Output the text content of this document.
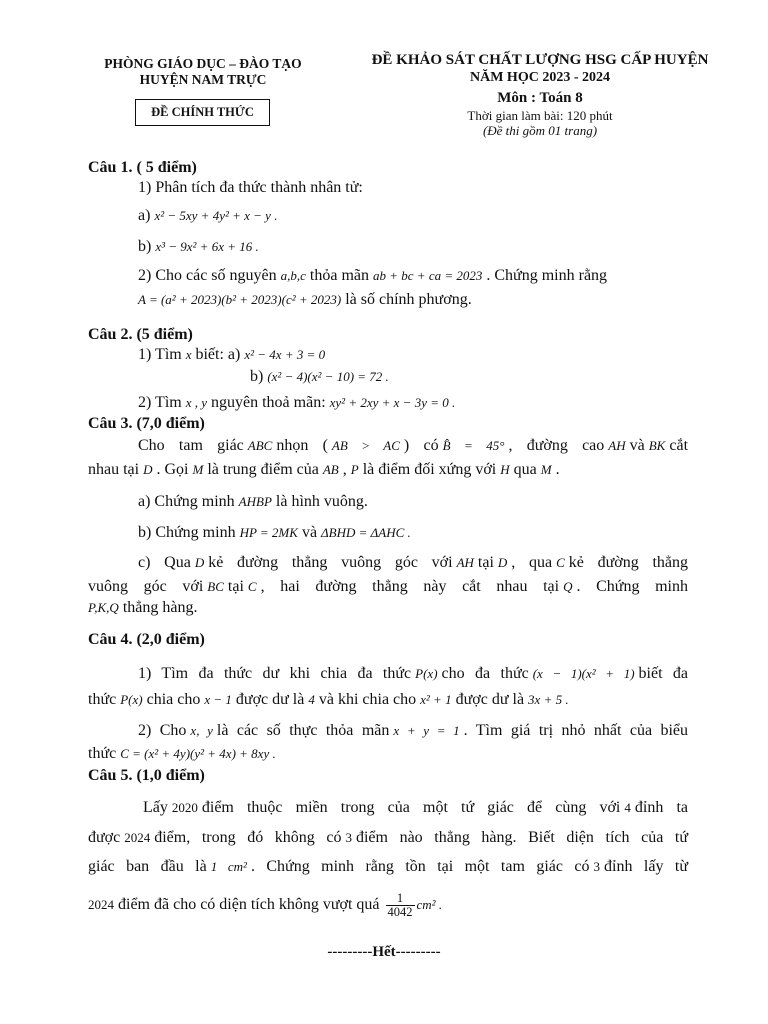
PHÒNG GIÁO DỤC – ĐÀO TẠO
HUYỆN NAM TRỰC
ĐỀ CHÍNH THỨC
ĐỀ KHẢO SÁT CHẤT LƯỢNG HSG CẤP HUYỆN
NĂM HỌC 2023 - 2024
Môn : Toán 8
Thời gian làm bài: 120 phút
(Đề thi gồm 01 trang)
Câu 1. ( 5 điểm)
1) Phân tích đa thức thành nhân tử:
a) x² − 5xy + 4y² + x − y .
b) x³ − 9x² + 6x + 16 .
2) Cho các số nguyên a,b,c thỏa mãn ab + bc + ca = 2023 . Chứng minh rằng
A = (a² + 2023)(b² + 2023)(c² + 2023) là số chính phương.
Câu 2. (5 điểm)
1) Tìm x biết: a) x² − 4x + 3 = 0
b) (x² − 4)(x² − 10) = 72 .
2) Tìm x , y nguyên thoả mãn: xy² + 2xy + x − 3y = 0 .
Câu 3. (7,0 điểm)
Cho tam giác ABC nhọn ( AB > AC ) có B̂ = 45° , đường cao AH và BK cắt
nhau tại D . Gọi M là trung điểm của AB , P là điểm đối xứng với H qua M .
a) Chứng minh AHBP là hình vuông.
b) Chứng minh HP = 2MK và ΔBHD = ΔAHC .
c) Qua D kẻ đường thẳng vuông góc với AH tại D , qua C kẻ đường thẳng
vuông góc với BC tại C , hai đường thẳng này cắt nhau tại Q . Chứng minh
P,K,Q thẳng hàng.
Câu 4. (2,0 điểm)
1) Tìm đa thức dư khi chia đa thức P(x) cho đa thức (x − 1)(x² + 1) biết đa
thức P(x) chia cho x − 1 được dư là 4 và khi chia cho x² + 1 được dư là 3x + 5 .
2) Cho x, y là các số thực thỏa mãn x + y = 1 . Tìm giá trị nhỏ nhất của biểu
thức C = (x² + 4y)(y² + 4x) + 8xy .
Câu 5. (1,0 điểm)
Lấy 2020 điểm thuộc miền trong của một tứ giác để cùng với 4 đỉnh ta
được 2024 điểm, trong đó không có 3 điểm nào thẳng hàng. Biết diện tích của tứ
giác ban đầu là 1 cm² . Chứng minh rằng tồn tại một tam giác có 3 đỉnh lấy từ
2024 điểm đã cho có diện tích không vượt quá $\frac{1}{4042} cm^2$ .
---------Hết---------
